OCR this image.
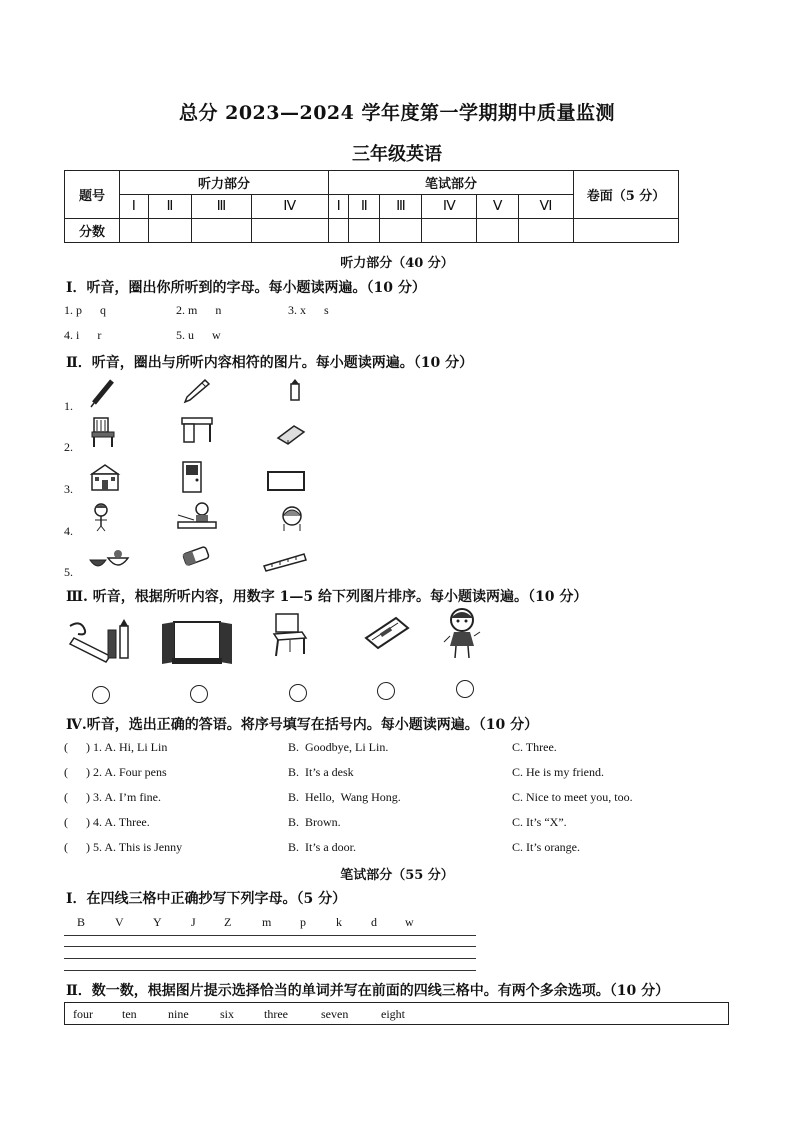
总分 2023—2024 学年度第一学期期中质量监测
三年级英语
题号	听力部分				笔试部分						卷面（5 分）
	Ⅰ	Ⅱ	Ⅲ	Ⅳ	Ⅰ	Ⅱ	Ⅲ	Ⅳ	Ⅴ	Ⅵ	
分数											
听力部分（40 分）
Ⅰ．听音，圈出你所听到的字母。每小题读两遍。（10 分）
1. p      q	2. m      n	3. x      s
4. i      r	5. u      w
Ⅱ．听音，圈出与所听内容相符的图片。每小题读两遍。（10 分）
1.
2.
3.
4.
5.
Ⅲ. 听音，根据所听内容，用数字 1—5 给下列图片排序。每小题读两遍。（10 分）
Ⅳ.听音，选出正确的答语。将序号填写在括号内。每小题读两遍。（10 分）
(      ) 1. A. Hi, Li Lin	B.  Goodbye, Li Lin.	C. Three.
(      ) 2. A. Four pens	B.  It’s a desk	C. He is my friend.
(      ) 3. A. I’m fine.	B.  Hello,  Wang Hong.	C. Nice to meet you, too.
(      ) 4. A. Three.	B.  Brown.	C. It’s “X”.
(      ) 5. A. This is Jenny	B.  It’s a door.	C. It’s orange.
笔试部分（55 分）
Ⅰ．在四线三格中正确抄写下列字母。（5 分）
B V Y J Z	m p	k d w
Ⅱ．数一数，根据图片提示选择恰当的单词并写在前面的四线三格中。有两个多余选项。（10 分）
four ten	nine	six three	seven	eight
